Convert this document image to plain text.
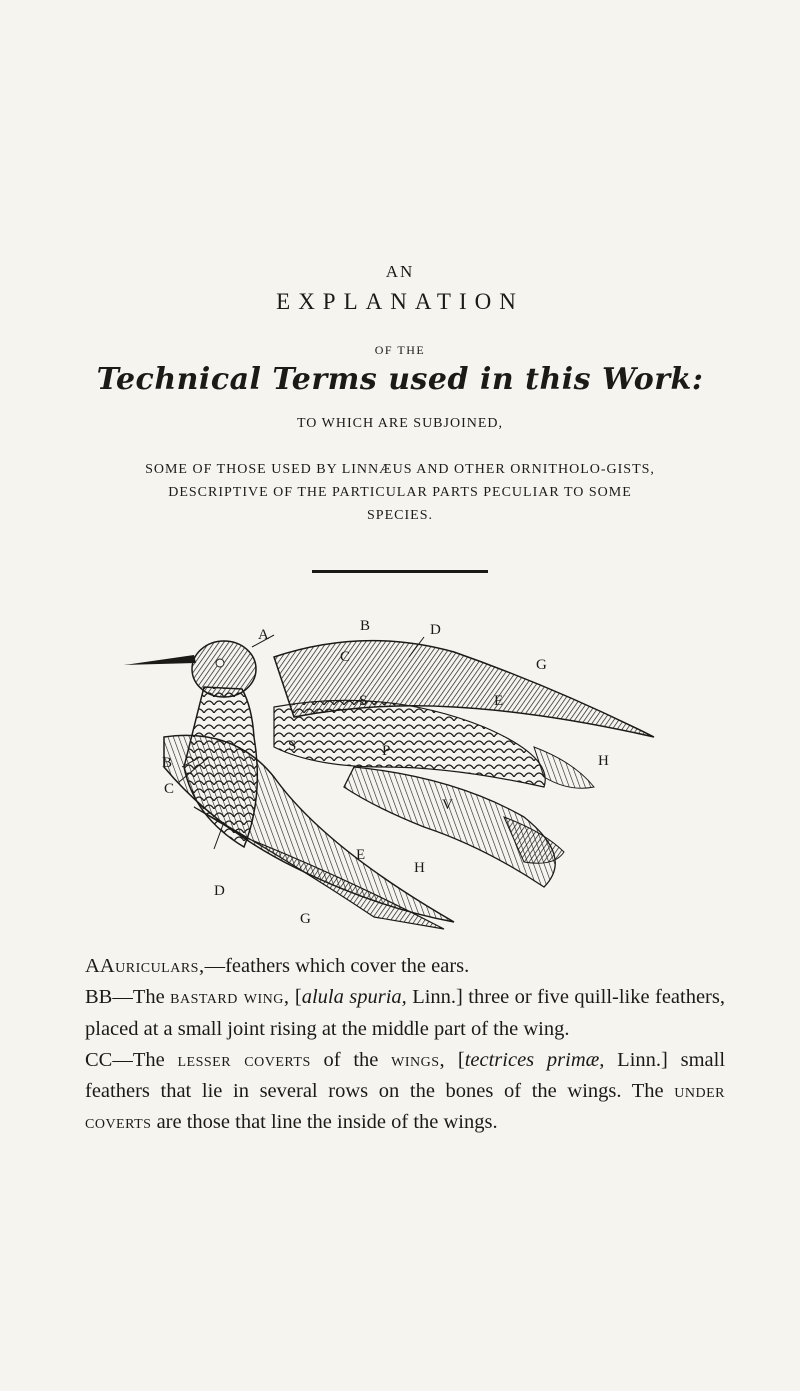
AN
EXPLANATION
OF THE
Technical Terms used in this Work:
TO WHICH ARE SUBJOINED,
SOME OF THOSE USED BY LINNÆUS AND OTHER ORNITHOLO-GISTS, DESCRIPTIVE OF THE PARTICULAR PARTS PECULIAR TO SOME SPECIES.
A
B	D
C	G
S	E
P
H
B
C
S
V
E
H
D
G

AAuriculars,—feathers which cover the ears.

BB—The bastard wing, [alula spuria, Linn.] three or five quill-like feathers, placed at a small joint rising at the middle part of the wing.

CC—The lesser coverts of the wings, [tectrices primæ, Linn.] small feathers that lie in several rows on the bones of the wings. The under coverts are those that line the inside of the wings.
